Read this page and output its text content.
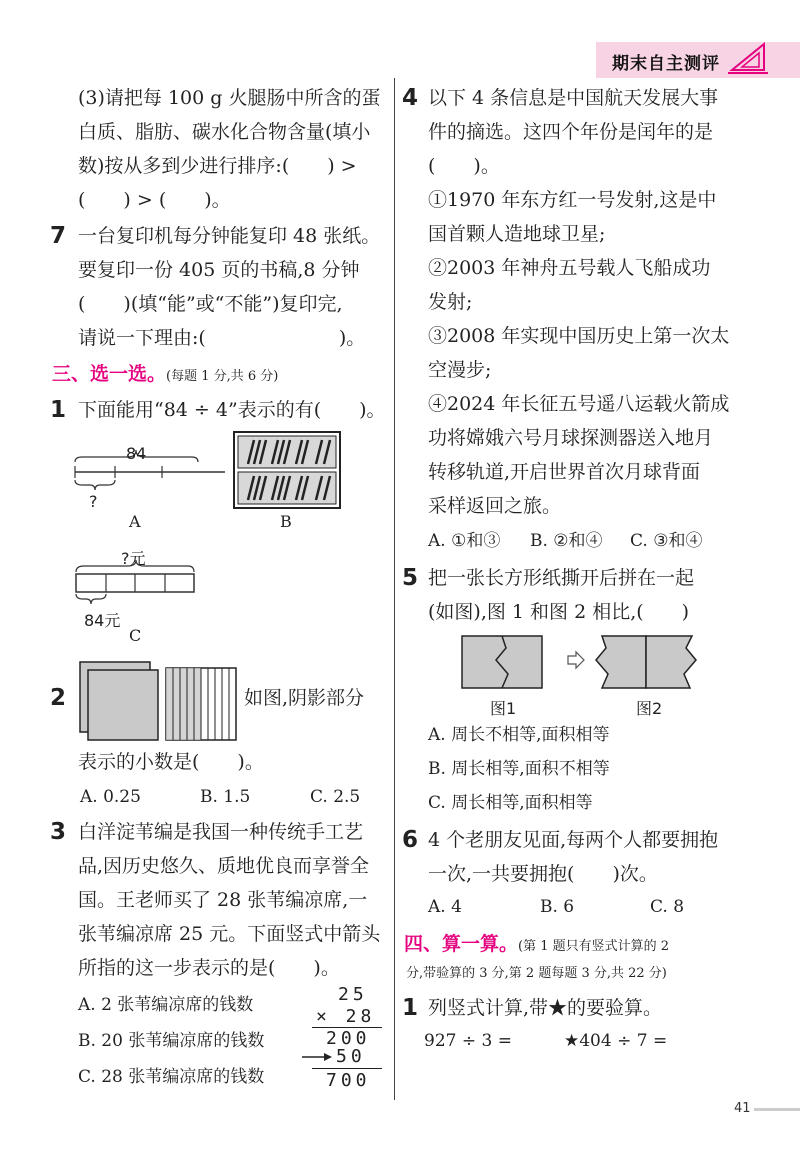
期末自主测评
(3)请把每 100 g 火腿肠中所含的蛋
白质、脂肪、碳水化合物含量(填小
数)按从多到少进行排序:(　　) >
(　　) > (　　)。
7 一台复印机每分钟能复印 48 张纸。
要复印一份 405 页的书稿,8 分钟
(　　)(填“能”或“不能”)复印完,
请说一下理由:(　　　　　　　)。
三、选一选。(每题 1 分,共 6 分)
1 下面能用“84 ÷ 4”表示的有(　　)。
84
?
A	B
?元
84元
C
2	如图,阴影部分
表示的小数是(　　)。
A. 0.25	B. 1.5	C. 2.5
3 白洋淀苇编是我国一种传统手工艺
品,因历史悠久、质地优良而享誉全
国。王老师买了 28 张苇编凉席,一
张苇编凉席 25 元。下面竖式中箭头
所指的这一步表示的是(　　)。
A. 2 张苇编凉席的钱数
B. 20 张苇编凉席的钱数
C. 28 张苇编凉席的钱数
25
× 28
200
50
700
4 以下 4 条信息是中国航天发展大事
件的摘选。这四个年份是闰年的是
(　　)。
①1970 年东方红一号发射,这是中
国首颗人造地球卫星;
②2003 年神舟五号载人飞船成功
发射;
③2008 年实现中国历史上第一次太
空漫步;
④2024 年长征五号遥八运载火箭成
功将嫦娥六号月球探测器送入地月
转移轨道,开启世界首次月球背面
采样返回之旅。
A. ①和③ B. ②和④ C. ③和④
5 把一张长方形纸撕开后拼在一起
(如图),图 1 和图 2 相比,(　　)
图1	图2
A. 周长不相等,面积相等
B. 周长相等,面积不相等
C. 周长相等,面积相等
6 4 个老朋友见面,每两个人都要拥抱
一次,一共要拥抱(　　)次。
A. 4	B. 6	C. 8
四、算一算。(第 1 题只有竖式计算的 2
分,带验算的 3 分,第 2 题每题 3 分,共 22 分)
1 列竖式计算,带★的要验算。
927 ÷ 3 =	★404 ÷ 7 =
41
